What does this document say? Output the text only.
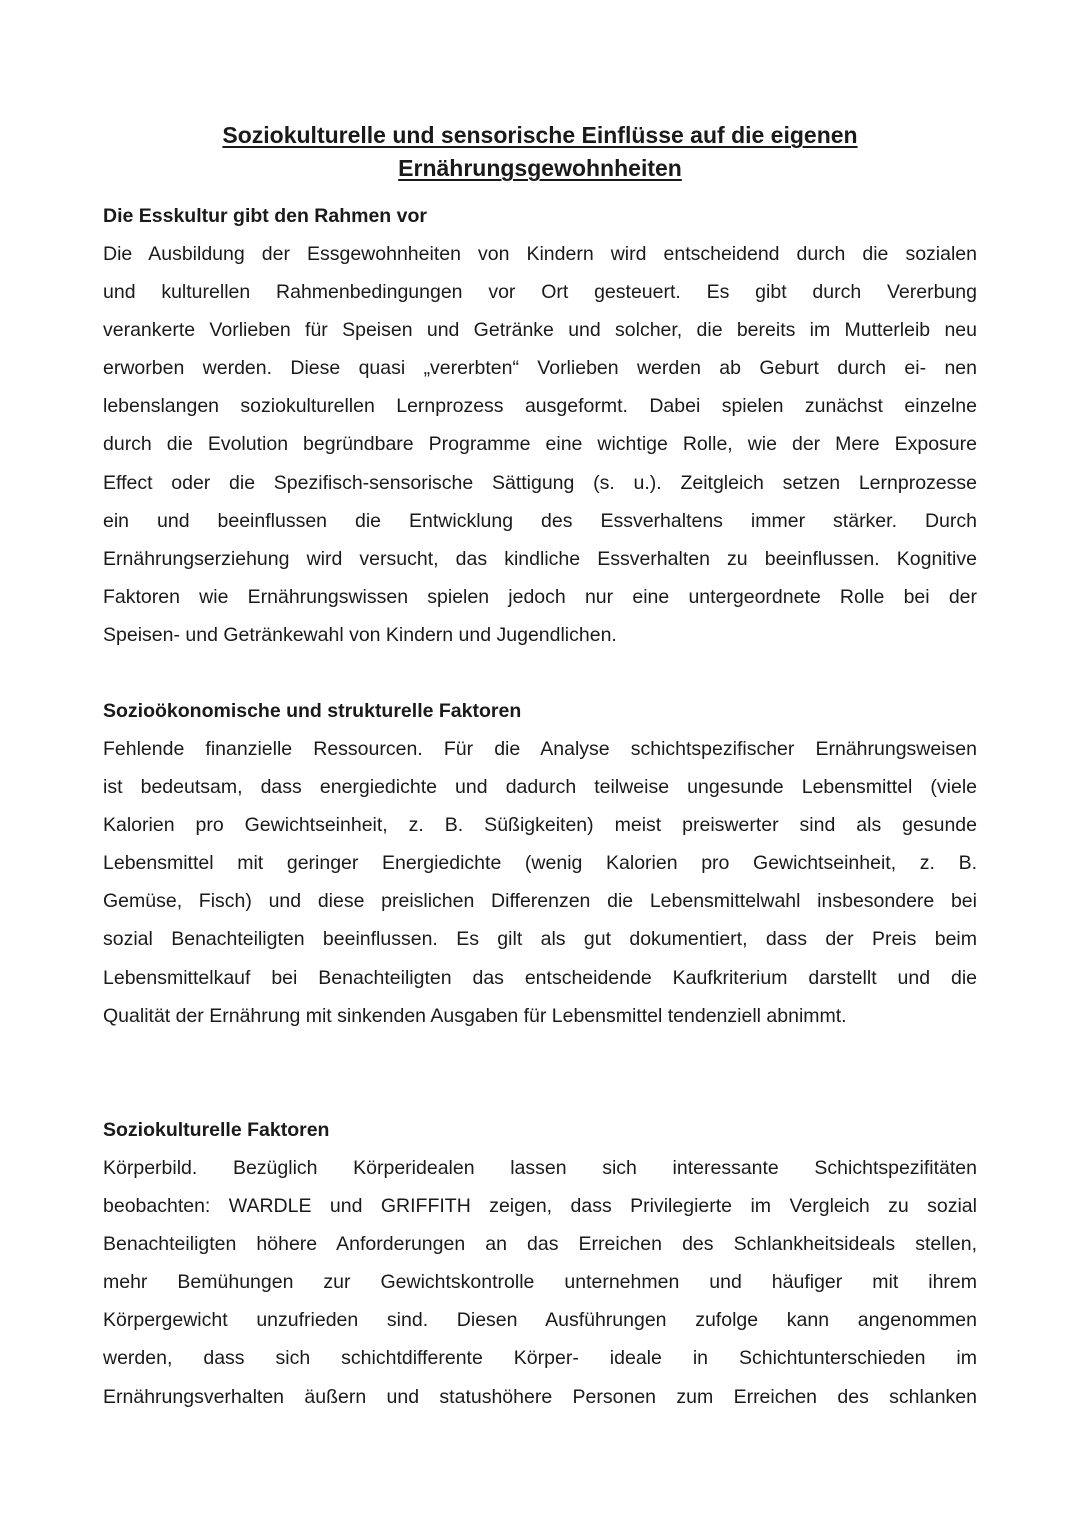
Soziokulturelle und sensorische Einflüsse auf die eigenen
Ernährungsgewohnheiten
Die Esskultur gibt den Rahmen vor

Die Ausbildung der Essgewohnheiten von Kindern wird entscheidend durch die sozialen
und kulturellen Rahmenbedingungen vor Ort gesteuert. Es gibt durch Vererbung
verankerte Vorlieben für Speisen und Getränke und solcher, die bereits im Mutterleib neu
erworben werden. Diese quasi „vererbten“ Vorlieben werden ab Geburt durch ei- nen
lebenslangen soziokulturellen Lernprozess ausgeformt. Dabei spielen zunächst einzelne
durch die Evolution begründbare Programme eine wichtige Rolle, wie der Mere Exposure
Effect oder die Spezifisch-sensorische Sättigung (s. u.). Zeitgleich setzen Lernprozesse
ein und beeinflussen die Entwicklung des Essverhaltens immer stärker. Durch
Ernährungserziehung wird versucht, das kindliche Essverhalten zu beeinflussen. Kognitive
Faktoren wie Ernährungswissen spielen jedoch nur eine untergeordnete Rolle bei der
Speisen- und Getränkewahl von Kindern und Jugendlichen.

Sozioökonomische und strukturelle Faktoren

Fehlende finanzielle Ressourcen. Für die Analyse schichtspezifischer Ernährungsweisen
ist bedeutsam, dass energiedichte und dadurch teilweise ungesunde Lebensmittel (viele
Kalorien pro Gewichtseinheit, z. B. Süßigkeiten) meist preiswerter sind als gesunde
Lebensmittel mit geringer Energiedichte (wenig Kalorien pro Gewichtseinheit, z. B.
Gemüse, Fisch) und diese preislichen Differenzen die Lebensmittelwahl insbesondere bei
sozial Benachteiligten beeinflussen. Es gilt als gut dokumentiert, dass der Preis beim
Lebensmittelkauf bei Benachteiligten das entscheidende Kaufkriterium darstellt und die
Qualität der Ernährung mit sinkenden Ausgaben für Lebensmittel tendenziell abnimmt.

Soziokulturelle Faktoren

Körperbild. Bezüglich Körperidealen lassen sich interessante Schichtspezifitäten
beobachten: WARDLE und GRIFFITH zeigen, dass Privilegierte im Vergleich zu sozial
Benachteiligten höhere Anforderungen an das Erreichen des Schlankheitsideals stellen,
mehr Bemühungen zur Gewichtskontrolle unternehmen und häufiger mit ihrem
Körpergewicht unzufrieden sind. Diesen Ausführungen zufolge kann angenommen
werden, dass sich schichtdifferente Körper- ideale in Schichtunterschieden im
Ernährungsverhalten äußern und statushöhere Personen zum Erreichen des schlanken
